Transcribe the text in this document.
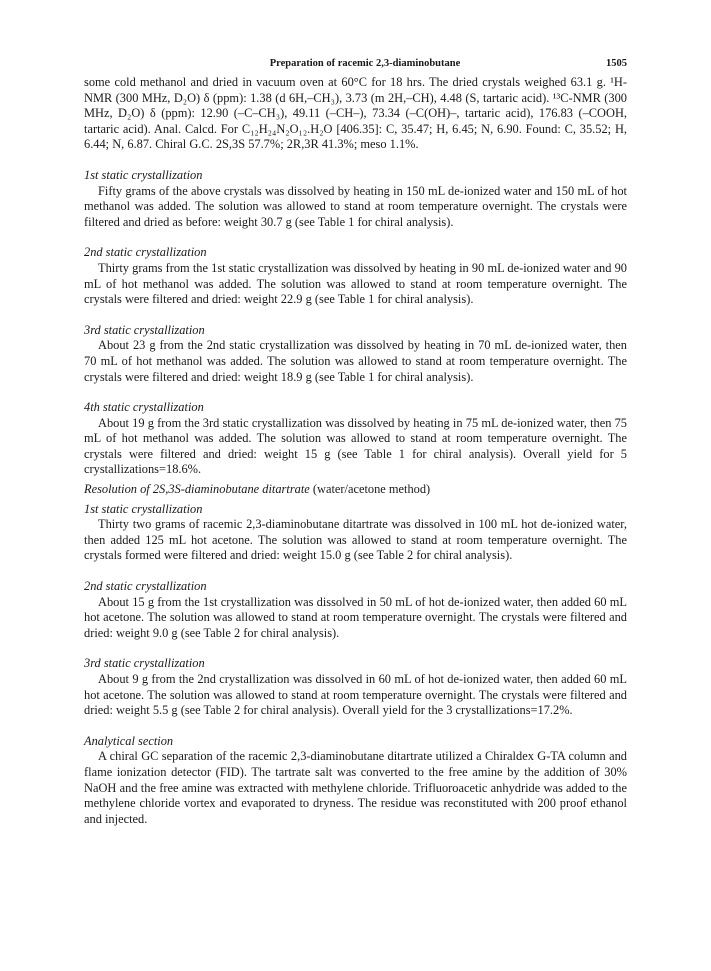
Preparation of racemic 2,3-diaminobutane	1505

some cold methanol and dried in vacuum oven at 60°C for 18 hrs. The dried crystals weighed 63.1 g. ¹H-NMR (300 MHz, D₂O) δ (ppm): 1.38 (d 6H,–CH₃), 3.73 (m 2H,–CH), 4.48 (S, tartaric acid). ¹³C-NMR (300 MHz, D₂O) δ (ppm): 12.90 (–C–CH₃), 49.11 (–CH–), 73.34 (–C(OH)–, tartaric acid), 176.83 (–COOH, tartaric acid). Anal. Calcd. For C₁₂H₂₄N₂O₁₂.H₂O [406.35]: C, 35.47; H, 6.45; N, 6.90. Found: C, 35.52; H, 6.44; N, 6.87. Chiral G.C. 2S,3S 57.7%; 2R,3R 41.3%; meso 1.1%.

1st static crystallization

Fifty grams of the above crystals was dissolved by heating in 150 mL de-ionized water and 150 mL of hot methanol was added. The solution was allowed to stand at room temperature overnight. The crystals were filtered and dried as before: weight 30.7 g (see Table 1 for chiral analysis).

2nd static crystallization

Thirty grams from the 1st static crystallization was dissolved by heating in 90 mL de-ionized water and 90 mL of hot methanol was added. The solution was allowed to stand at room temperature overnight. The crystals were filtered and dried: weight 22.9 g (see Table 1 for chiral analysis).

3rd static crystallization

About 23 g from the 2nd static crystallization was dissolved by heating in 70 mL de-ionized water, then 70 mL of hot methanol was added. The solution was allowed to stand at room temperature overnight. The crystals were filtered and dried: weight 18.9 g (see Table 1 for chiral analysis).

4th static crystallization

About 19 g from the 3rd static crystallization was dissolved by heating in 75 mL de-ionized water, then 75 mL of hot methanol was added. The solution was allowed to stand at room temperature overnight. The crystals were filtered and dried: weight 15 g (see Table 1 for chiral analysis). Overall yield for 5 crystallizations=18.6%.

Resolution of 2S,3S-diaminobutane ditartrate (water/acetone method)

1st static crystallization

Thirty two grams of racemic 2,3-diaminobutane ditartrate was dissolved in 100 mL hot de-ionized water, then added 125 mL hot acetone. The solution was allowed to stand at room temperature overnight. The crystals formed were filtered and dried: weight 15.0 g (see Table 2 for chiral analysis).

2nd static crystallization

About 15 g from the 1st crystallization was dissolved in 50 mL of hot de-ionized water, then added 60 mL hot acetone. The solution was allowed to stand at room temperature overnight. The crystals were filtered and dried: weight 9.0 g (see Table 2 for chiral analysis).

3rd static crystallization

About 9 g from the 2nd crystallization was dissolved in 60 mL of hot de-ionized water, then added 60 mL hot acetone. The solution was allowed to stand at room temperature overnight. The crystals were filtered and dried: weight 5.5 g (see Table 2 for chiral analysis). Overall yield for the 3 crystallizations=17.2%.

Analytical section

A chiral GC separation of the racemic 2,3-diaminobutane ditartrate utilized a Chiraldex G-TA column and flame ionization detector (FID). The tartrate salt was converted to the free amine by the addition of 30% NaOH and the free amine was extracted with methylene chloride. Trifluoroacetic anhydride was added to the methylene chloride vortex and evaporated to dryness. The residue was reconstituted with 200 proof ethanol and injected.
